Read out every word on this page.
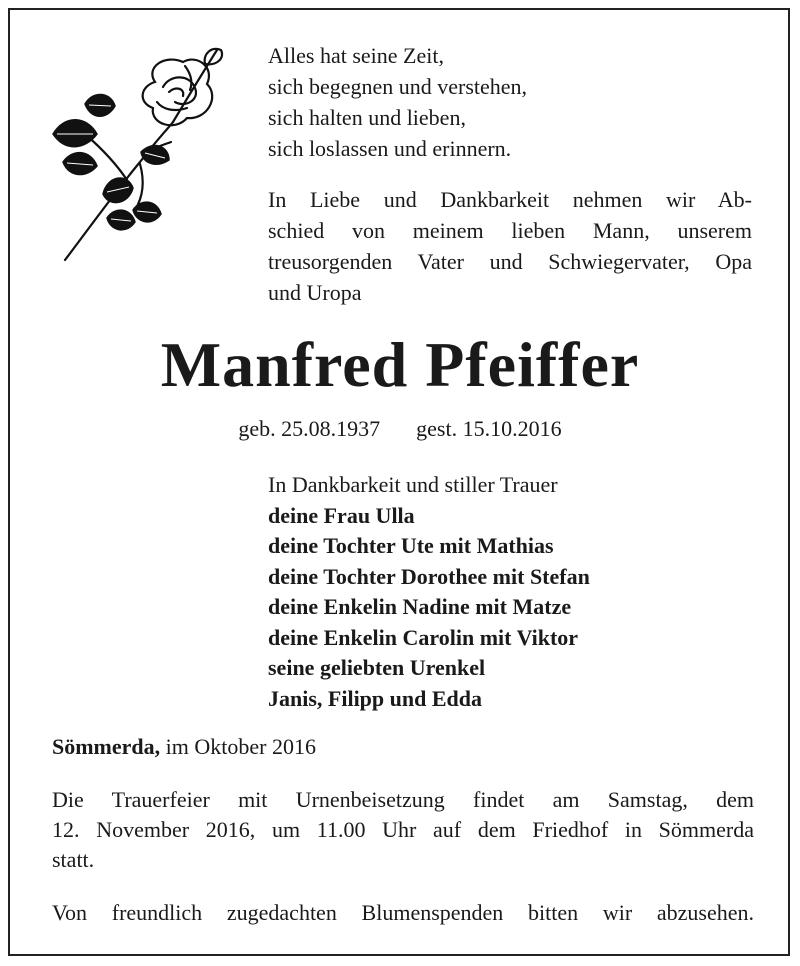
Alles hat seine Zeit,
sich begegnen und verstehen,
sich halten und lieben,
sich loslassen und erinnern.
In Liebe und Dankbarkeit nehmen wir Ab-
schied von meinem lieben Mann, unserem
treusorgenden Vater und Schwiegervater, Opa
und Uropa
Manfred Pfeiffer
geb. 25.08.1937 gest. 15.10.2016
In Dankbarkeit und stiller Trauer
deine Frau Ulla
deine Tochter Ute mit Mathias
deine Tochter Dorothee mit Stefan
deine Enkelin Nadine mit Matze
deine Enkelin Carolin mit Viktor
seine geliebten Urenkel
Janis, Filipp und Edda
Sömmerda, im Oktober 2016
Die Trauerfeier mit Urnenbeisetzung findet am Samstag, dem
12. November 2016, um 11.00 Uhr auf dem Friedhof in Sömmerda
statt.
Von freundlich zugedachten Blumenspenden bitten wir abzusehen.
